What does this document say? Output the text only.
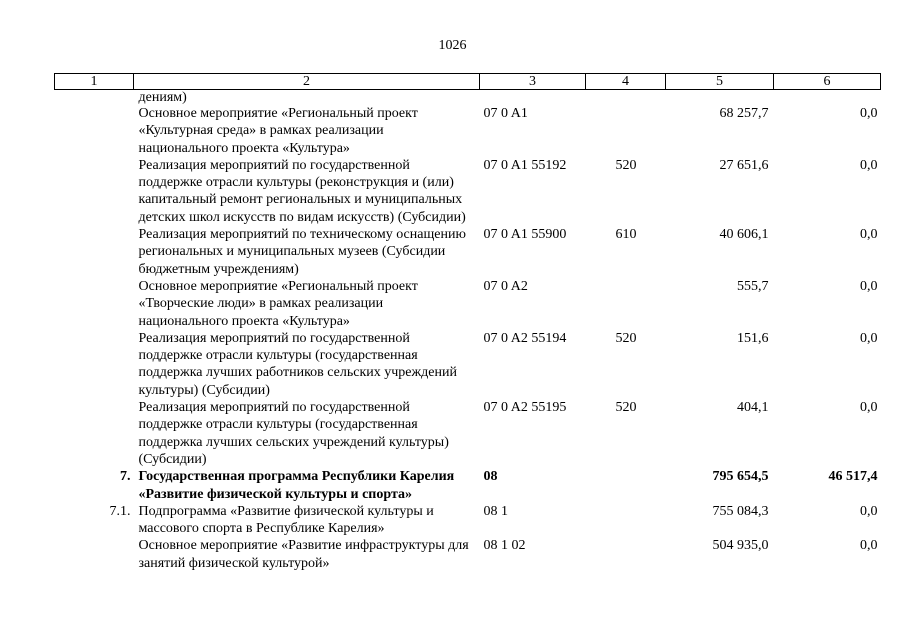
1026
1	2	3	4	5	6
	дениям)				
	Основное мероприятие «Региональный проект «Культурная среда» в рамках реализации национального проекта «Культура»	07 0 A1		68 257,7	0,0
	Реализация мероприятий по государственной поддержке отрасли культуры (реконструкция и (или) капитальный ремонт региональных и муниципальных детских школ искусств по видам искусств) (Субсидии)	07 0 A1 55192	520	27 651,6	0,0
	Реализация мероприятий по техническому оснащению региональных и муниципальных музеев (Субсидии бюджетным учреждениям)	07 0 A1 55900	610	40 606,1	0,0
	Основное мероприятие «Региональный проект «Творческие люди» в рамках реализации национального проекта «Культура»	07 0 A2		555,7	0,0
	Реализация мероприятий по государственной поддержке отрасли культуры (государственная поддержка лучших работников сельских учреждений культуры) (Субсидии)	07 0 A2 55194	520	151,6	0,0
	Реализация мероприятий по государственной поддержке отрасли культуры (государственная поддержка лучших сельских учреждений культуры) (Субсидии)	07 0 A2 55195	520	404,1	0,0
7.	Государственная программа Республики Карелия «Развитие физической культуры и спорта»	08		795 654,5	46 517,4
7.1.	Подпрограмма «Развитие физической культуры и массового спорта в Республике Карелия»	08 1		755 084,3	0,0
	Основное мероприятие «Развитие инфраструктуры для занятий физической культурой»	08 1 02		504 935,0	0,0
